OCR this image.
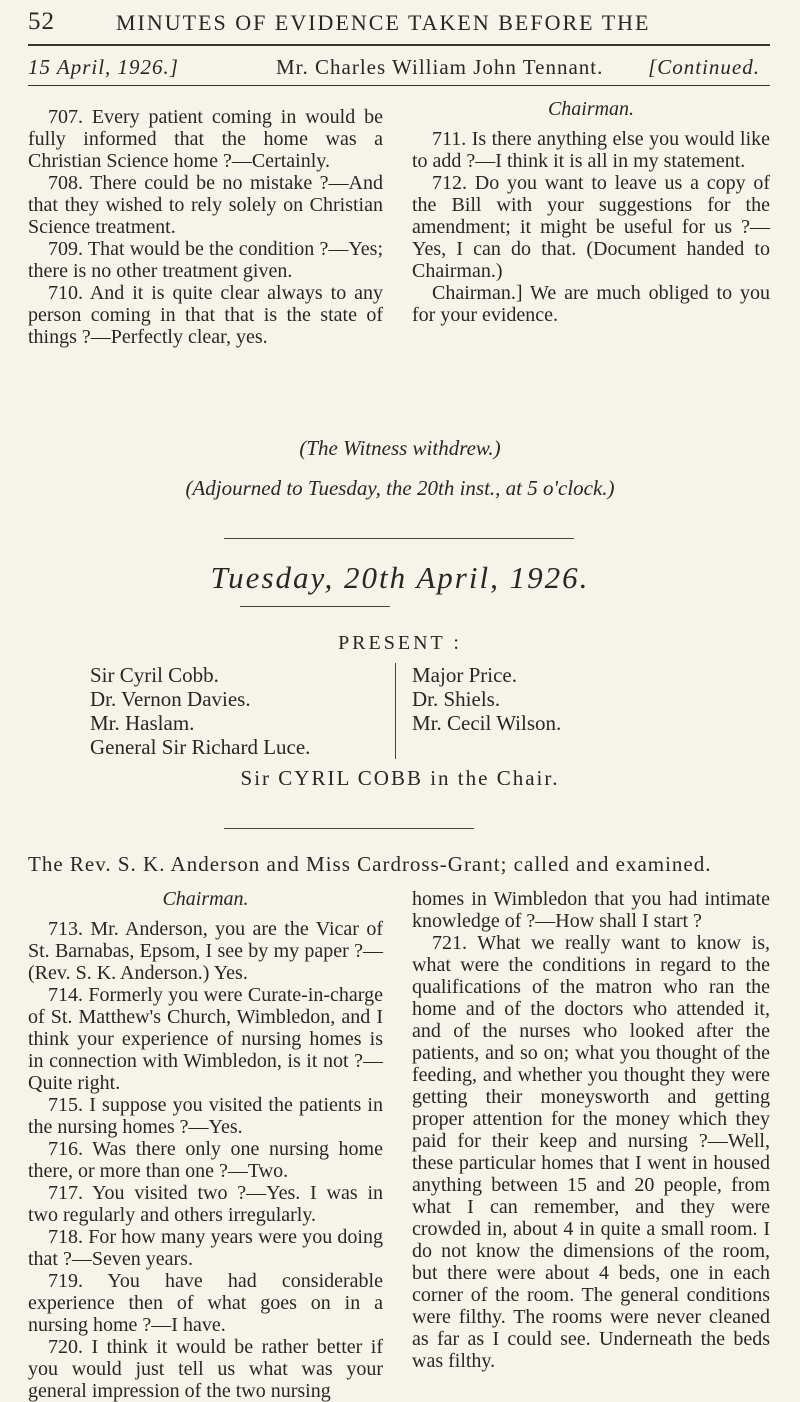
52	MINUTES OF EVIDENCE TAKEN BEFORE THE
15 April, 1926.]	Mr. Charles William John Tennant. [Continued.

707. Every patient coming in would be fully informed that the home was a Christian Science home ?—Certainly.

708. There could be no mistake ?—And that they wished to rely solely on Christian Science treatment.

709. That would be the condition ?—Yes; there is no other treatment given.

710. And it is quite clear always to any person coming in that that is the state of things ?—Perfectly clear, yes.

Chairman.

711. Is there anything else you would like to add ?—I think it is all in my statement.

712. Do you want to leave us a copy of the Bill with your suggestions for the amendment; it might be useful for us ?—Yes, I can do that. (Document handed to Chairman.)

Chairman.] We are much obliged to you for your evidence.

(The Witness withdrew.)
(Adjourned to Tuesday, the 20th inst., at 5 o'clock.)
Tuesday, 20th April, 1926.
PRESENT :
Sir Cyril Cobb.
Dr. Vernon Davies.
Mr. Haslam.
General Sir Richard Luce.
Major Price.
Dr. Shiels.
Mr. Cecil Wilson.
Sir CYRIL COBB in the Chair.
The Rev. S. K. Anderson and Miss Cardross-Grant; called and examined.

Chairman.

713. Mr. Anderson, you are the Vicar of St. Barnabas, Epsom, I see by my paper ?—(Rev. S. K. Anderson.) Yes.

714. Formerly you were Curate-in-charge of St. Matthew's Church, Wimbledon, and I think your experience of nursing homes is in connection with Wimbledon, is it not ?—Quite right.

715. I suppose you visited the patients in the nursing homes ?—Yes.

716. Was there only one nursing home there, or more than one ?—Two.

717. You visited two ?—Yes. I was in two regularly and others irregularly.

718. For how many years were you doing that ?—Seven years.

719. You have had considerable experience then of what goes on in a nursing home ?—I have.

720. I think it would be rather better if you would just tell us what was your general impression of the two nursing

homes in Wimbledon that you had intimate knowledge of ?—How shall I start ?

721. What we really want to know is, what were the conditions in regard to the qualifications of the matron who ran the home and of the doctors who attended it, and of the nurses who looked after the patients, and so on; what you thought of the feeding, and whether you thought they were getting their moneysworth and getting proper attention for the money which they paid for their keep and nursing ?—Well, these particular homes that I went in housed anything between 15 and 20 people, from what I can remember, and they were crowded in, about 4 in quite a small room. I do not know the dimensions of the room, but there were about 4 beds, one in each corner of the room. The general conditions were filthy. The rooms were never cleaned as far as I could see. Underneath the beds was filthy.
